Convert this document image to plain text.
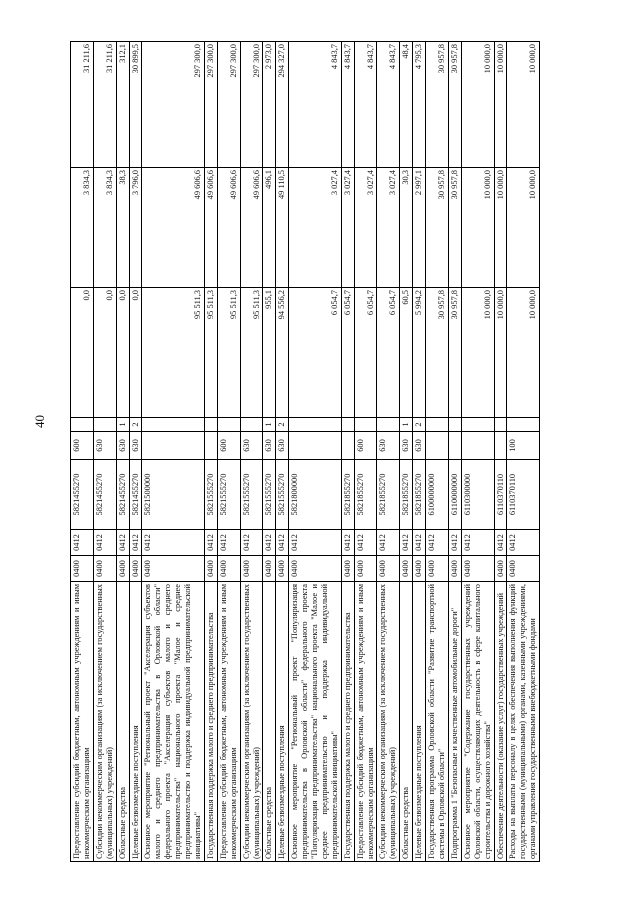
40
Предоставление субсидий бюджетным, автономным учреждениям и иным некоммерческим организациям	0400	0412	5821455270	600		0,0	3 834,3	31 211,6
Субсидии некоммерческим организациям (за исключением государственных (муниципальных) учреждений)	0400	0412	5821455270	630		0,0	3 834,3	31 211,6
Областные средства	0400	0412	5821455270	630	1	0,0	38,3	312,1
Целевые безвозмездные поступления	0400	0412	5821455270	630	2	0,0	3 796,0	30 899,5
Основное мероприятие "Региональный проект "Акселерация субъектов малого и среднего предпринимательства в Орловской области" федерального проекта "Акселерация субъектов малого и среднего предпринимательства" национального проекта "Малое и среднее предпринимательство и поддержка индивидуальной предпринимательской инициативы"	0400	0412	5821500000			95 511,3	49 606,6	297 300,0
Государственная поддержка малого и среднего предпринимательства	0400	0412	5821555270			95 511,3	49 606,6	297 300,0
Предоставление субсидий бюджетным, автономным учреждениям и иным некоммерческим организациям	0400	0412	5821555270	600		95 511,3	49 606,6	297 300,0
Субсидии некоммерческим организациям (за исключением государственных (муниципальных) учреждений)	0400	0412	5821555270	630		95 511,3	49 606,6	297 300,0
Областные средства	0400	0412	5821555270	630	1	955,1	496,1	2 973,0
Целевые безвозмездные поступления	0400	0412	5821555270	630	2	94 556,2	49 110,5	294 327,0
Основное мероприятие "Региональный проект "Популяризация предпринимательства в Орловской области" федерального проекта "Популяризация предпринимательства" национального проекта "Малое и среднее предпринимательство и поддержка индивидуальной предпринимательской инициативы"	0400	0412	5821800000			6 054,7	3 027,4	4 843,7
Государственная поддержка малого и среднего предпринимательства	0400	0412	5821855270			6 054,7	3 027,4	4 843,7
Предоставление субсидий бюджетным, автономным учреждениям и иным некоммерческим организациям	0400	0412	5821855270	600		6 054,7	3 027,4	4 843,7
Субсидии некоммерческим организациям (за исключением государственных (муниципальных) учреждений)	0400	0412	5821855270	630		6 054,7	3 027,4	4 843,7
Областные средства	0400	0412	5821855270	630	1	60,5	30,3	48,4
Целевые безвозмездные поступления	0400	0412	5821855270	630	2	5 994,2	2 997,1	4 795,3
Государственная программа Орловской области "Развитие транспортной системы в Орловской области"	0400	0412	6100000000			30 957,8	30 957,8	30 957,8
Подпрограмма 1 "Безопасные и качественные автомобильные дороги"	0400	0412	6110000000			30 957,8	30 957,8	30 957,8
Основное мероприятие "Содержание государственных учреждений Орловской области, осуществляющих деятельность в сфере капитального строительства и дорожного хозяйства"	0400	0412	6110300000			10 000,0	10 000,0	10 000,0
Обеспечение деятельности (оказание услуг) государственных учреждений	0400	0412	6110370110			10 000,0	10 000,0	10 000,0
Расходы на выплаты персоналу в целях обеспечения выполнения функций государственными (муниципальными) органами, казенными учреждениями, органами управления государственными внебюджетными фондами	0400	0412	6110370110	100		10 000,0	10 000,0	10 000,0
